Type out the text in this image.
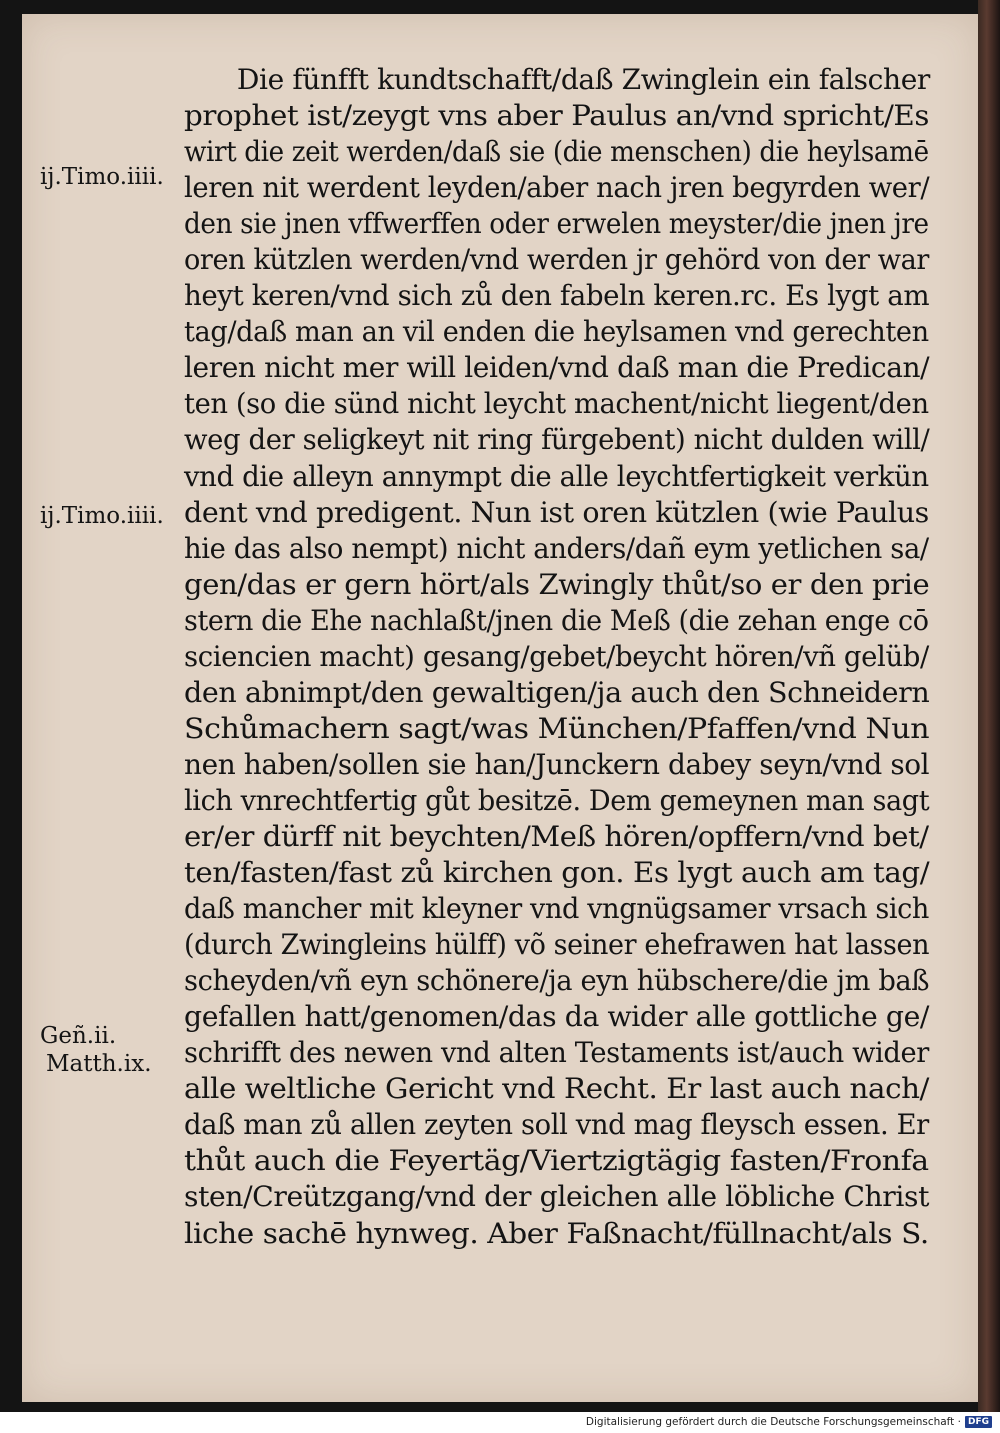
Die fünfft kundtschafft/daß Zwinglein ein falscher
prophet ist/zeygt vns aber Paulus an/vnd spricht/Es
wirt die zeit werden/daß sie (die menschen) die heylsamē
leren nit werdent leyden/aber nach jren begyrden wer/
den sie jnen vffwerffen oder erwelen meyster/die jnen jre
oren kützlen werden/vnd werden jr gehörd von der war
heyt keren/vnd sich zů den fabeln keren.rc. Es lygt am
tag/daß man an vil enden die heylsamen vnd gerechten
leren nicht mer will leiden/vnd daß man die Predican/
ten (so die sünd nicht leycht machent/nicht liegent/den
weg der seligkeyt nit ring fürgebent) nicht dulden will/
vnd die alleyn annympt die alle leychtfertigkeit verkün
dent vnd predigent. Nun ist oren kützlen (wie Paulus
hie das also nempt) nicht anders/dañ eym yetlichen sa/
gen/das er gern hört/als Zwingly thůt/so er den prie
stern die Ehe nachlaßt/jnen die Meß (die zehan enge cō
sciencien macht) gesang/gebet/beycht hören/vñ gelüb/
den abnimpt/den gewaltigen/ja auch den Schneidern
Schůmachern sagt/was München/Pfaffen/vnd Nun
nen haben/sollen sie han/Junckern dabey seyn/vnd sol
lich vnrechtfertig gůt besitzē. Dem gemeynen man sagt
er/er dürff nit beychten/Meß hören/opffern/vnd bet/
ten/fasten/fast zů kirchen gon. Es lygt auch am tag/
daß mancher mit kleyner vnd vngnügsamer vrsach sich
(durch Zwingleins hülff) võ seiner ehefrawen hat lassen
scheyden/vñ eyn schönere/ja eyn hübschere/die jm baß
gefallen hatt/genomen/das da wider alle gottliche ge/
schrifft des newen vnd alten Testaments ist/auch wider
alle weltliche Gericht vnd Recht. Er last auch nach/
daß man zů allen zeyten soll vnd mag fleysch essen. Er
thůt auch die Feyertäg/Viertzigtägig fasten/Fronfa
sten/Creützgang/vnd der gleichen alle löbliche Christ
liche sachē hynweg. Aber Faßnacht/füllnacht/als S.
ij.Timo.iiii.
ij.Timo.iiii.
Geñ.ii.
Matth.ix.
Digitalisierung gefördert durch die Deutsche Forschungsgemeinschaft · DFG
